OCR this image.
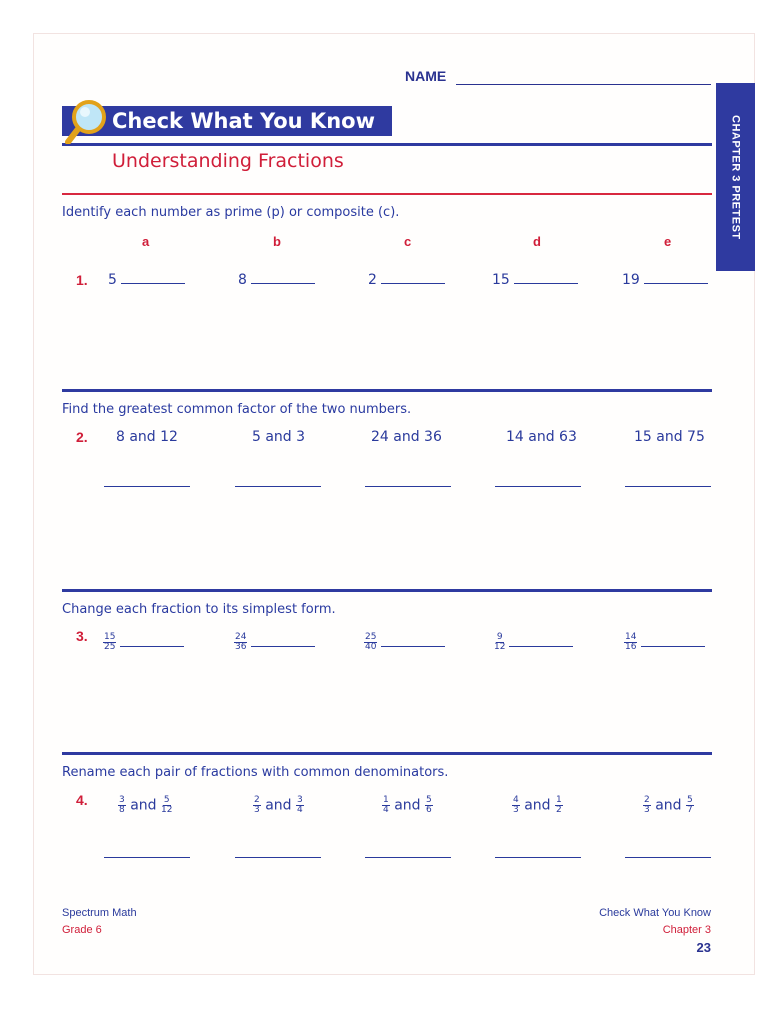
NAME
Check What You Know
Understanding Fractions	CHAPTER 3 PRETEST
Identify each number as prime (p) or composite (c).
a	b	c	d	e
1. 5	8	2	15	19
Find the greatest common factor of the two numbers.
2. 8 and 12	5 and 3	24 and 36	14 and 63	15 and 75
Change each fraction to its simplest form.
3. $\frac{15}{25}$	$\frac{24}{36}$	$\frac{25}{40}$	$\frac{9}{12}$	$\frac{14}{16}$
Rename each pair of fractions with common denominators.
4.	$\frac{3}{8}$ and $\frac{5}{12}$	$\frac{2}{3}$ and $\frac{3}{4}$	$\frac{1}{4}$ and $\frac{5}{6}$	$\frac{4}{3}$ and $\frac{1}{2}$	$\frac{2}{3}$ and $\frac{5}{7}$
Spectrum Math
Grade 6
Check What You Know
Chapter 3
23
